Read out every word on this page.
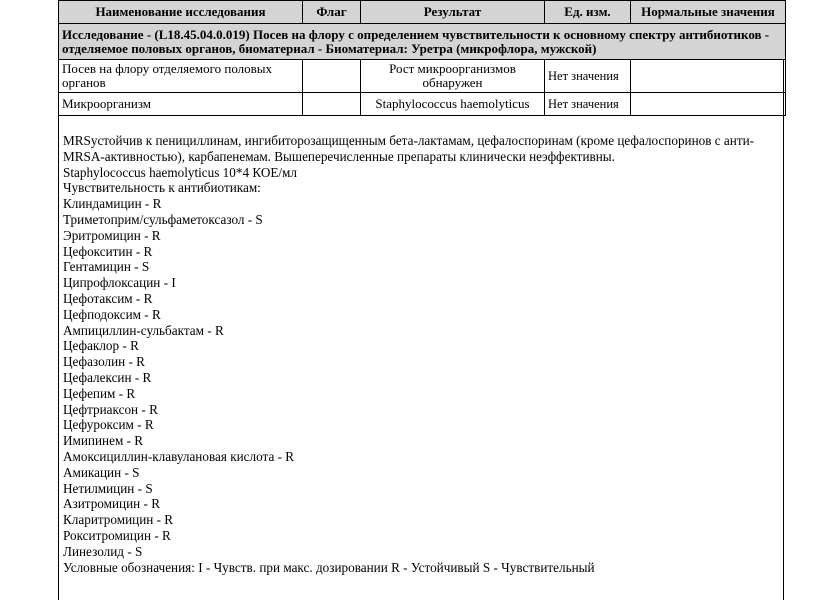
Наименование исследования	Флаг	Результат	Ед. изм.	Нормальные значения
Исследование - (L18.45.04.0.019) Посев на флору с определением чувствительности к основному спектру антибиотиков - отделяемое половых органов, биоматериал - Биоматериал: Уретра (микрофлора, мужской)				
Посев на флору отделяемого половых органов		Рост микроорганизмов обнаружен	Нет значения	
Микроорганизм		Staphylococcus haemolyticus	Нет значения	
MRSустойчив к пенициллинам, ингибиторозащищенным бета-лактамам, цефалоспоринам (кроме цефалоспоринов с анти-MRSA-активностью), карбапенемам. Вышеперечисленные препараты клинически неэффективны.
Staphylococcus haemolyticus 10*4 КОЕ/мл
Чувствительность к антибиотикам:
Клиндамицин - R
Триметоприм/сульфаметоксазол - S
Эритромицин - R
Цефокситин - R
Гентамицин - S
Ципрофлоксацин - I
Цефотаксим - R
Цефподоксим - R
Ампициллин-сульбактам - R
Цефаклор - R
Цефазолин - R
Цефалексин - R
Цефепим - R
Цефтриаксон - R
Цефуроксим - R
Имипинем - R
Амоксициллин-клавулановая кислота - R
Амикацин - S
Нетилмицин - S
Азитромицин - R
Кларитромицин - R
Рокситромицин - R
Линезолид - S
Условные обозначения: I - Чувств. при макс. дозировании R - Устойчивый S - Чувствительный
